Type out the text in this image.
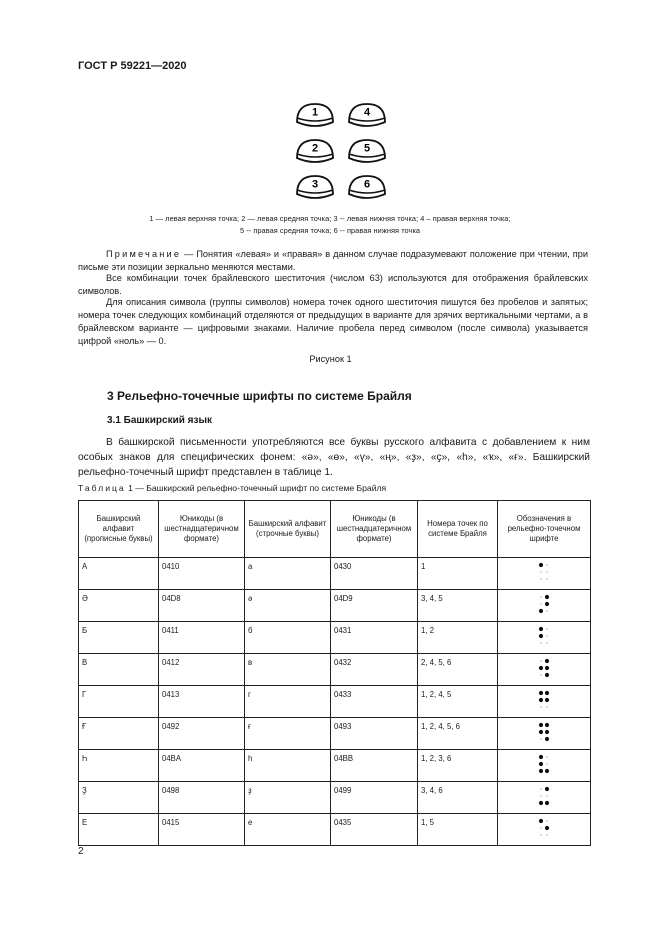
ГОСТ Р 59221—2020
1	4
2	5
3	6
1 — левая верхняя точка; 2 — левая средняя точка; 3 -- левая нижняя точка; 4 – правая верхняя точка;
5 -- правая средняя точка; 6 -- правая нижняя точка
Примечание — Понятия «левая» и «правая» в данном случае подразумевают положение при чтении, при письме эти позиции зеркально меняются местами.
Все комбинации точек брайлевского шеститочия (числом 63) используются для отображения брайлевских символов.
Для описания символа (группы символов) номера точек одного шеститочия пишутся без пробелов и запятых; номера точек следующих комбинаций отделяются от предыдущих в варианте для зрячих вертикальными чертами, а в брайлевском варианте — цифровыми знаками. Наличие пробела перед символом (после символа) указывается цифрой «ноль» — 0.
Рисунок 1
3 Рельефно-точечные шрифты по системе Брайля
3.1 Башкирский язык
В башкирской письменности употребляются все буквы русского алфавита с добавлением к ним особых знаков для специфических фонем: «ә», «ө», «ү», «ң», «ҙ», «ҫ», «һ», «ҡ», «ғ». Башкирский рельефно-точечный шрифт представлен в таблице 1.
Таблица 1 — Башкирский рельефно-точечный шрифт по системе Брайля
Башкирский алфавит (прописные буквы)	Юникоды (в шестнадцатеричном формате)	Башкирский алфавит (строчные буквы)	Юникоды (в шестнадцатеричном формате)	Номера точек по системе Брайля	Обозначения в рельефно-точечном шрифте
А	0410	а	0430	1	
Ә	04D8	ә	04D9	3, 4, 5	
Б	0411	б	0431	1, 2	
В	0412	в	0432	2, 4, 5, 6	
Г	0413	г	0433	1, 2, 4, 5	
Ғ	0492	ғ	0493	1, 2, 4, 5, 6	
Һ	04BA	һ	04BB	1, 2, 3, 6	
Ҙ	0498	ҙ	0499	3, 4, 6	
Е	0415	е	0435	1, 5	
2
